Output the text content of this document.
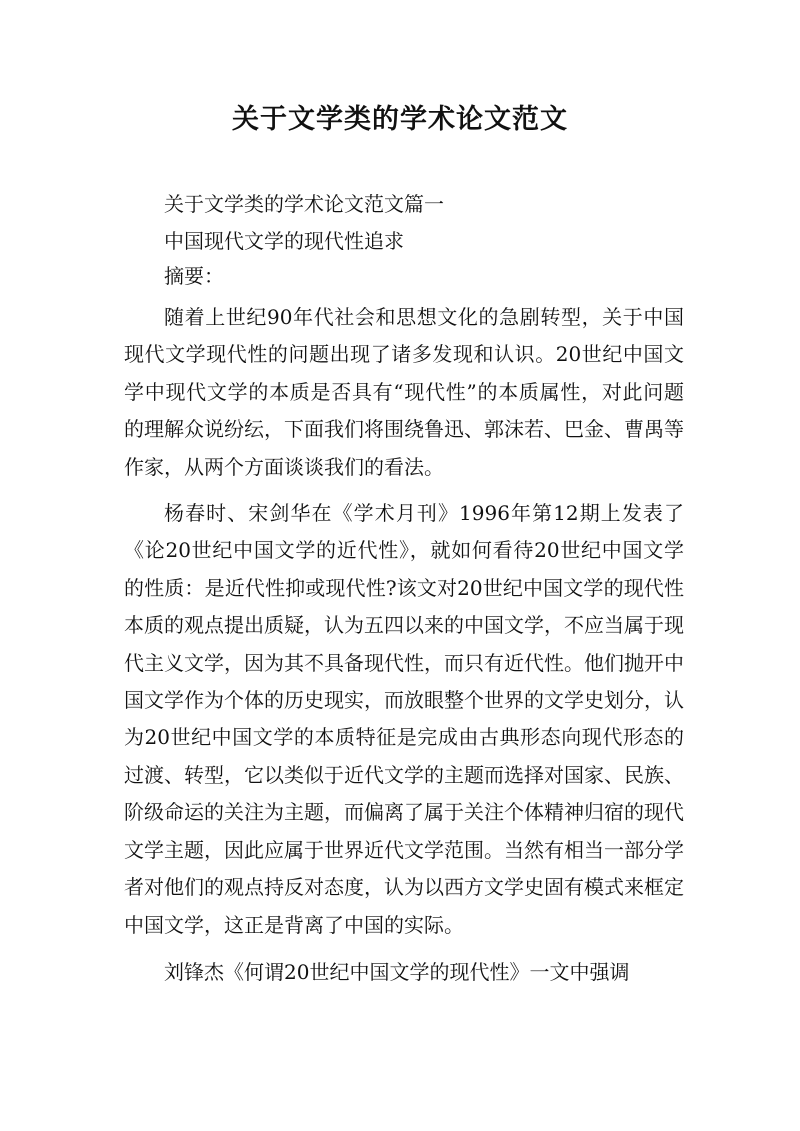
关于文学类的学术论文范文

关于文学类的学术论文范文篇一

中国现代文学的现代性追求

摘要：

随着上世纪90年代社会和思想文化的急剧转型，关于中国现代文学现代性的问题出现了诸多发现和认识。20世纪中国文学中现代文学的本质是否具有“现代性”的本质属性，对此问题的理解众说纷纭，下面我们将围绕鲁迅、郭沫若、巴金、曹禺等作家，从两个方面谈谈我们的看法。

杨春时、宋剑华在《学术月刊》1996年第12期上发表了《论20世纪中国文学的近代性》，就如何看待20世纪中国文学的性质：是近代性抑或现代性?该文对20世纪中国文学的现代性本质的观点提出质疑，认为五四以来的中国文学，不应当属于现代主义文学，因为其不具备现代性，而只有近代性。他们抛开中国文学作为个体的历史现实，而放眼整个世界的文学史划分，认为20世纪中国文学的本质特征是完成由古典形态向现代形态的过渡、转型，它以类似于近代文学的主题而选择对国家、民族、阶级命运的关注为主题，而偏离了属于关注个体精神归宿的现代文学主题，因此应属于世界近代文学范围。当然有相当一部分学者对他们的观点持反对态度，认为以西方文学史固有模式来框定中国文学，这正是背离了中国的实际。

刘锋杰《何谓20世纪中国文学的现代性》一文中强调
